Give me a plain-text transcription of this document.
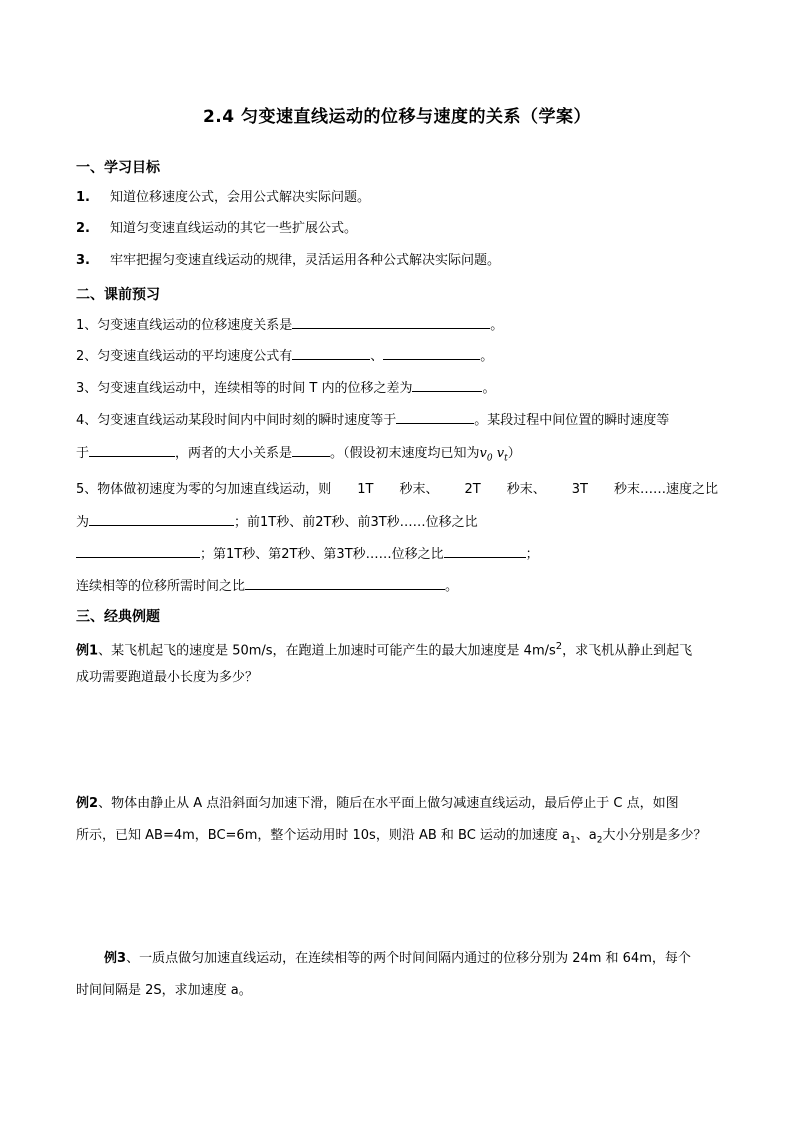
2.4 匀变速直线运动的位移与速度的关系（学案）
一、学习目标
1. 知道位移速度公式，会用公式解决实际问题。
2. 知道匀变速直线运动的其它一些扩展公式。
3. 牢牢把握匀变速直线运动的规律，灵活运用各种公式解决实际问题。
二、课前预习
1、匀变速直线运动的位移速度关系是	。
2、匀变速直线运动的平均速度公式有	、	。
3、匀变速直线运动中，连续相等的时间 T 内的位移之差为	。
4、匀变速直线运动某段时间内中间时刻的瞬时速度等于	。某段过程中间位置的瞬时速度等
于	，两者的大小关系是	。（假设初末速度均已知为$v_0$ $v_t$）
5、物体做初速度为零的匀加速直线运动，则 1T 秒末、 2T 秒末、 3T 秒末……速度之比
为	；前1T秒、前2T秒、前3T秒……位移之比
；第1T秒、第2T秒、第3T秒……位移之比	；
连续相等的位移所需时间之比	。
三、经典例题
例1、某飞机起飞的速度是 50m/s，在跑道上加速时可能产生的最大加速度是 $4m/s^2$，求飞机从静止到起飞
成功需要跑道最小长度为多少？
例2、物体由静止从 A 点沿斜面匀加速下滑，随后在水平面上做匀减速直线运动，最后停止于 C 点，如图
所示，已知 AB=4m，BC=6m，整个运动用时 10s，则沿 AB 和 BC 运动的加速度 $a_1$、$a_2$大小分别是多少？
例3、一质点做匀加速直线运动，在连续相等的两个时间间隔内通过的位移分别为 24m 和 64m，每个
时间间隔是 2S，求加速度 a。
